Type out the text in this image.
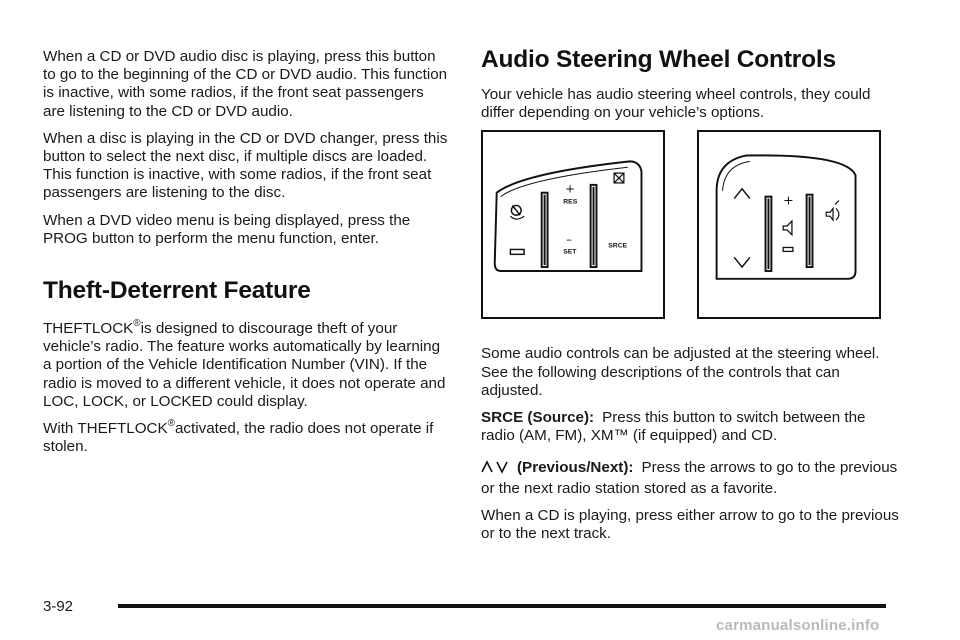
When a CD or DVD audio disc is playing, press this button to go to the beginning of the CD or DVD audio. This function is inactive, with some radios, if the front seat passengers are listening to the CD or DVD audio.

When a disc is playing in the CD or DVD changer, press this button to select the next disc, if multiple discs are loaded. This function is inactive, with some radios, if the front seat passengers are listening to the disc.

When a DVD video menu is being displayed, press the PROG button to perform the menu function, enter.

Theft-Deterrent Feature

THEFTLOCK®is designed to discourage theft of your vehicle’s radio. The feature works automatically by learning a portion of the Vehicle Identification Number (VIN). If the radio is moved to a different vehicle, it does not operate and LOC, LOCK, or LOCKED could display.

With THEFTLOCK®activated, the radio does not operate if stolen.

Audio Steering Wheel Controls

Your vehicle has audio steering wheel controls, they could differ depending on your vehicle’s options.

+
RES
–
SET
SRCE
+

Some audio controls can be adjusted at the steering wheel. See the following descriptions of the controls that can adjusted.

SRCE (Source): Press this button to switch between the radio (AM, FM), XM™ (if equipped) and CD.

(Previous/Next): Press the arrows to go to the previous or the next radio station stored as a favorite.

When a CD is playing, press either arrow to go to the previous or to the next track.

3-92
carmanualsonline.info
